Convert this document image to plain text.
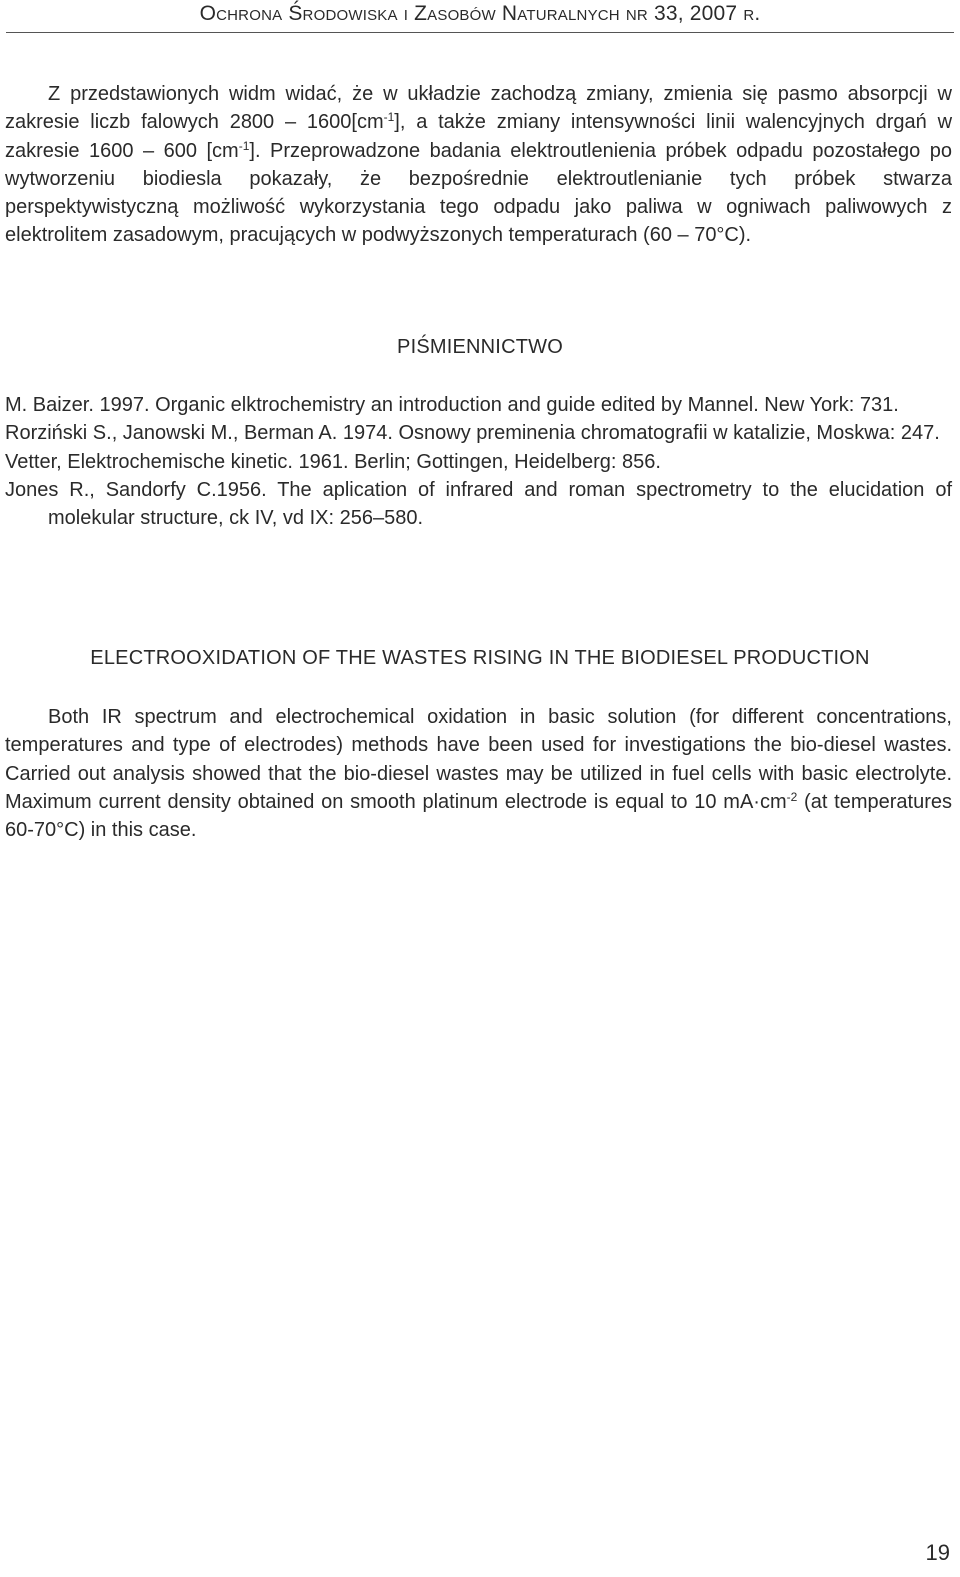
Ochrona Środowiska i Zasobów Naturalnych nr 33, 2007 r.

Z przedstawionych widm widać, że w układzie zachodzą zmiany, zmienia się pasmo absorpcji w zakresie liczb falowych $2800 - 1600[cm^{-1}]$, a także zmiany intensywności linii walencyjnych drgań w zakresie 1600 – 600 $[cm^{-1}]$. Przeprowadzone badania elektroutlenienia próbek odpadu pozostałego po wytworzeniu biodiesla pokazały, że bezpośrednie elektroutlenianie tych próbek stwarza perspektywistyczną możliwość wykorzystania tego odpadu jako paliwa w ogniwach paliwowych z elektrolitem zasadowym, pracujących w podwyższonych temperaturach (60 – 70°C).

PIŚMIENNICTWO
M. Baizer. 1997. Organic elktrochemistry an introduction and guide edited by Mannel. New York: 731.
Rorziński S., Janowski M., Berman A. 1974. Osnowy preminenia chromatografii w katalizie, Moskwa: 247.
Vetter, Elektrochemische kinetic. 1961. Berlin; Gottingen, Heidelberg: 856.
Jones R., Sandorfy C.1956. The aplication of infrared and roman spectrometry to the elucidation of molekular structure, ck IV, vd IX: 256–580.
ELECTROOXIDATION OF THE WASTES RISING IN THE BIODIESEL PRODUCTION

Both IR spectrum and electrochemical oxidation in basic solution (for different concentrations, temperatures and type of electrodes) methods have been used for investigations the bio-diesel wastes. Carried out analysis showed that the bio-diesel wastes may be utilized in fuel cells with basic electrolyte. Maximum current density obtained on smooth platinum electrode is equal to 10 $mA\cdot cm^{-2}$ (at temperatures 60-70°C) in this case.

19
